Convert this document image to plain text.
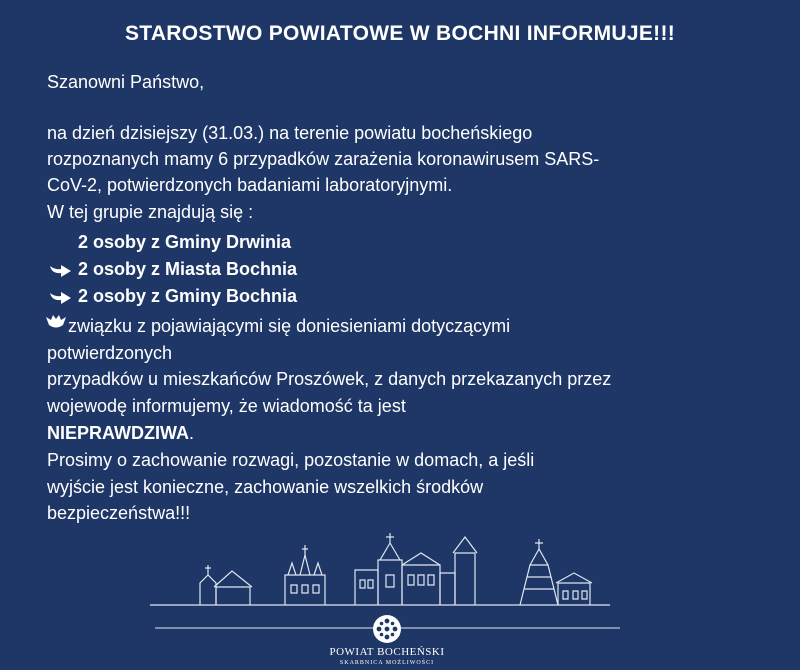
STAROSTWO POWIATOWE W BOCHNI INFORMUJE!!!
Szanowni Państwo,
na dzień dzisiejszy (31.03.) na terenie powiatu bocheńskiego
rozpoznanych mamy 6 przypadków zarażenia koronawirusem SARS-
CoV-2, potwierdzonych badaniami laboratoryjnymi.
W tej grupie znajdują się :
2 osoby z Gminy Drwinia
2 osoby z Miasta Bochnia
2 osoby z Gminy Bochnia
związku z pojawiającymi się doniesieniami dotyczącymi
potwierdzonych
przypadków u mieszkańców Proszówek, z danych przekazanych przez
wojewodę informujemy, że wiadomość ta jest
NIEPRAWDZIWA.
Prosimy o zachowanie rozwagi, pozostanie w domach, a jeśli
wyjście jest konieczne, zachowanie wszelkich środków
bezpieczeństwa!!!
POWIAT BOCHEŃSKI
SKARBNICA MOŻLIWOŚCI
